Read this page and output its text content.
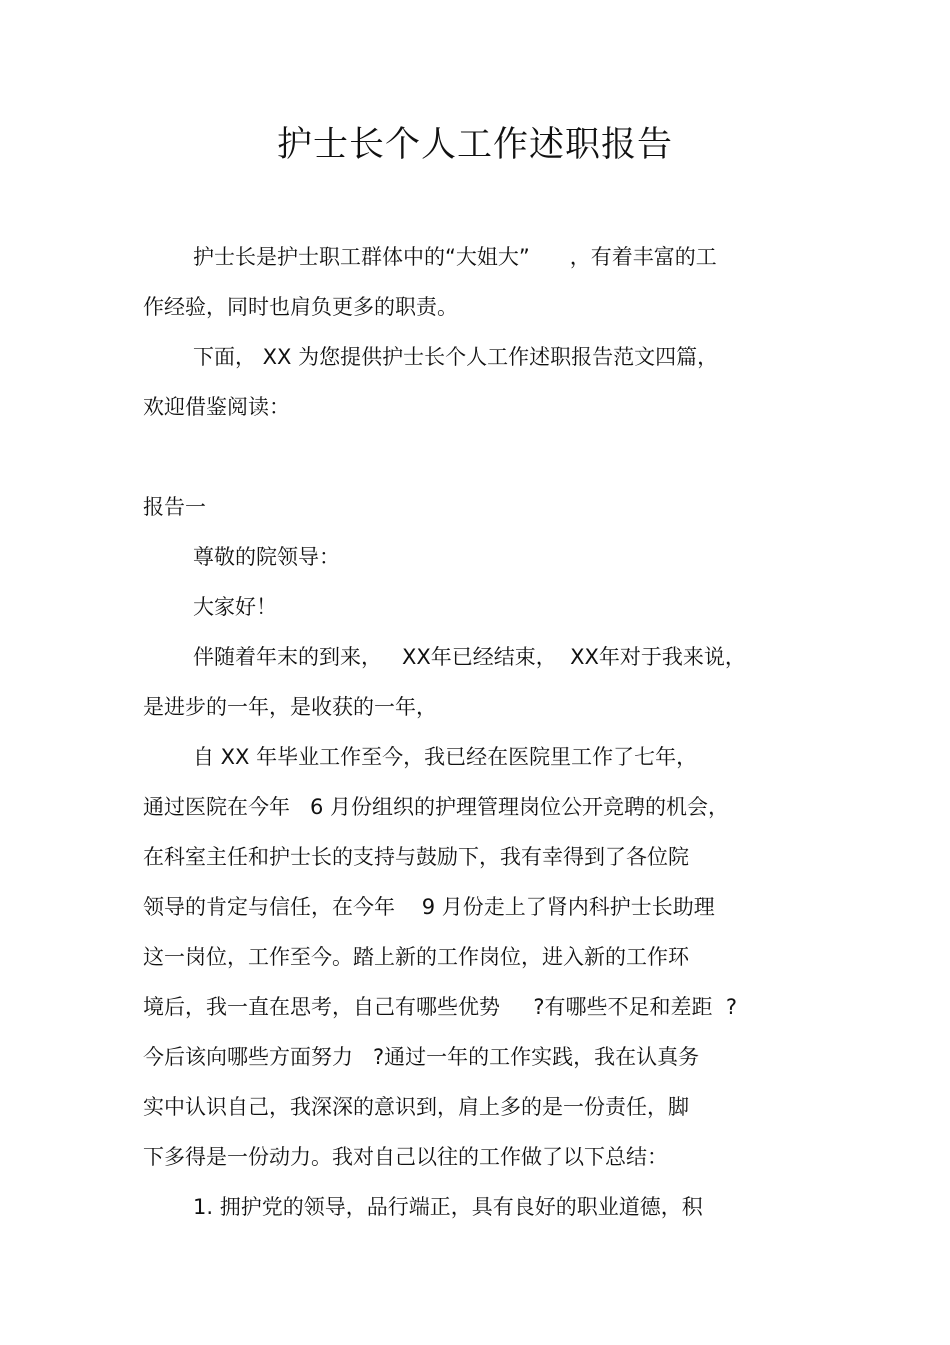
护士长个人工作述职报告
护士长是护士职工群体中的“大姐大”      ，有着丰富的工
作经验，同时也肩负更多的职责。
下面， XX 为您提供护士长个人工作述职报告范文四篇，
欢迎借鉴阅读：
报告一
尊敬的院领导：
大家好！
伴随着年末的到来，   XX年已经结束，  XX年对于我来说，
是进步的一年，是收获的一年，
自 XX 年毕业工作至今，我已经在医院里工作了七年，
通过医院在今年   6 月份组织的护理管理岗位公开竞聘的机会，
在科室主任和护士长的支持与鼓励下，我有幸得到了各位院
领导的肯定与信任，在今年    9 月份走上了肾内科护士长助理
这一岗位，工作至今。踏上新的工作岗位，进入新的工作环
境后，我一直在思考，自己有哪些优势     ?有哪些不足和差距  ?
今后该向哪些方面努力   ?通过一年的工作实践，我在认真务
实中认识自己，我深深的意识到，肩上多的是一份责任，脚
下多得是一份动力。我对自己以往的工作做了以下总结：
1. 拥护党的领导，品行端正，具有良好的职业道德，积
